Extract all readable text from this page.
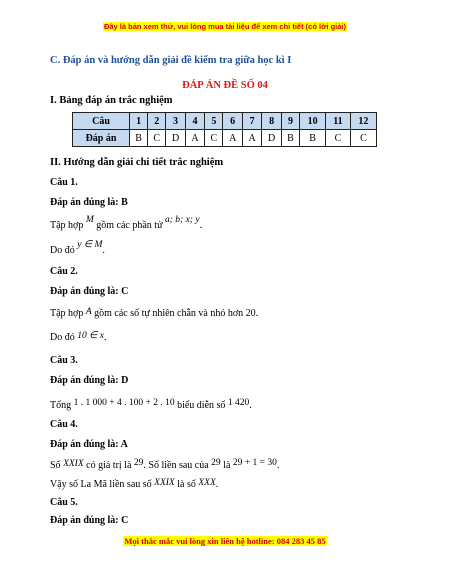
Đây là bản xem thử, vui lòng mua tài liệu để xem chi tiết (có lời giải)
C. Đáp án và hướng dẫn giải đề kiểm tra giữa học kì I
ĐÁP ÁN ĐỀ SỐ 04
I. Bảng đáp án trắc nghiệm
Câu	1	2	3	4	5	6	7	8	9	10	11	12
Đáp án	B	C	D	A	C	A	A	D	B	B	C	C
II. Hướng dẫn giải chi tiết trắc nghiệm
Câu 1.
Đáp án đúng là: B
Tập hợp M gồm các phần tử a; b; x; y.
Do đó y ∈ M.
Câu 2.
Đáp án đúng là: C
Tập hợp A gồm các số tự nhiên chẵn và nhỏ hơn 20.
Do đó 10 ∈ x.
Câu 3.
Đáp án đúng là: D
Tổng 1 . 1 000 + 4 . 100 + 2 . 10 biểu diễn số 1 420.
Câu 4.
Đáp án đúng là: A
Số XXIX có giá trị là 29. Số liền sau của 29 là 29 + 1 = 30.
Vậy số La Mã liền sau số XXIX là số XXX.
Câu 5.
Đáp án đúng là: C
Mọi thắc mắc vui lòng xin liên hệ hotline: 084 283 45 85
